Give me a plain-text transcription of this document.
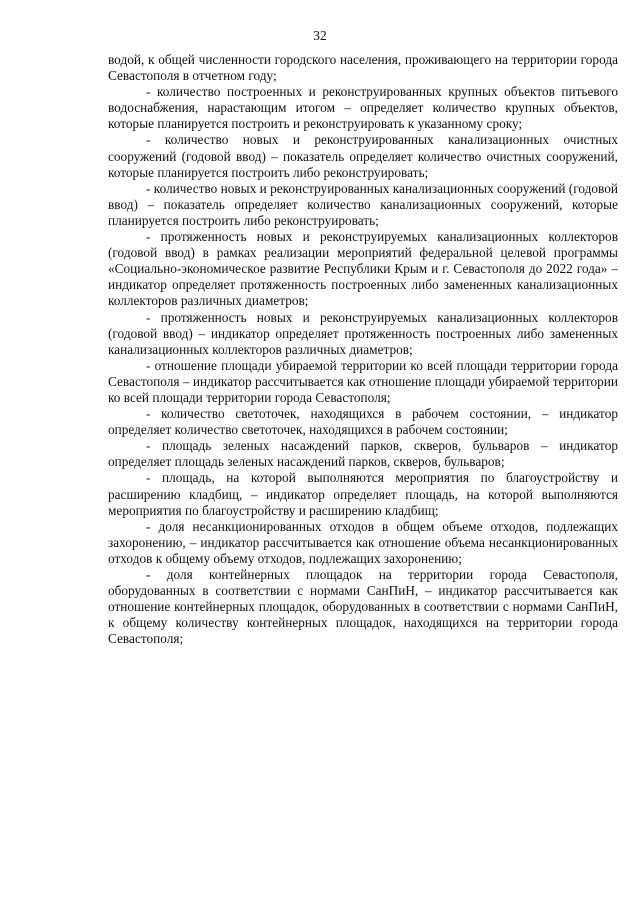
32

водой, к общей численности городского населения, проживающего на территории города Севастополя в отчетном году;

- количество построенных и реконструированных крупных объектов питьевого водоснабжения, нарастающим итогом – определяет количество крупных объектов, которые планируется построить и реконструировать к указанному сроку;

- количество новых и реконструированных канализационных очистных сооружений (годовой ввод) – показатель определяет количество очистных сооружений, которые планируется построить либо реконструировать;

- количество новых и реконструированных канализационных сооружений (годовой ввод) – показатель определяет количество канализационных сооружений, которые планируется построить либо реконструировать;

- протяженность новых и реконструируемых канализационных коллекторов (годовой ввод) в рамках реализации мероприятий федеральной целевой программы «Социально-экономическое развитие Республики Крым и г. Севастополя до 2022 года» – индикатор определяет протяженность построенных либо замененных канализационных коллекторов различных диаметров;

- протяженность новых и реконструируемых канализационных коллекторов (годовой ввод) – индикатор определяет протяженность построенных либо замененных канализационных коллекторов различных диаметров;

- отношение площади убираемой территории ко всей площади территории города Севастополя – индикатор рассчитывается как отношение площади убираемой территории ко всей площади территории города Севастополя;

- количество светоточек, находящихся в рабочем состоянии, – индикатор определяет количество светоточек, находящихся в рабочем состоянии;

- площадь зеленых насаждений парков, скверов, бульваров – индикатор определяет площадь зеленых насаждений парков, скверов, бульваров;

- площадь, на которой выполняются мероприятия по благоустройству и расширению кладбищ, – индикатор определяет площадь, на которой выполняются мероприятия по благоустройству и расширению кладбищ;

- доля несанкционированных отходов в общем объеме отходов, подлежащих захоронению, – индикатор рассчитывается как отношение объема несанкционированных отходов к общему объему отходов, подлежащих захоронению;

- доля контейнерных площадок на территории города Севастополя, оборудованных в соответствии с нормами СанПиН, – индикатор рассчитывается как отношение контейнерных площадок, оборудованных в соответствии с нормами СанПиН, к общему количеству контейнерных площадок, находящихся на территории города Севастополя;
